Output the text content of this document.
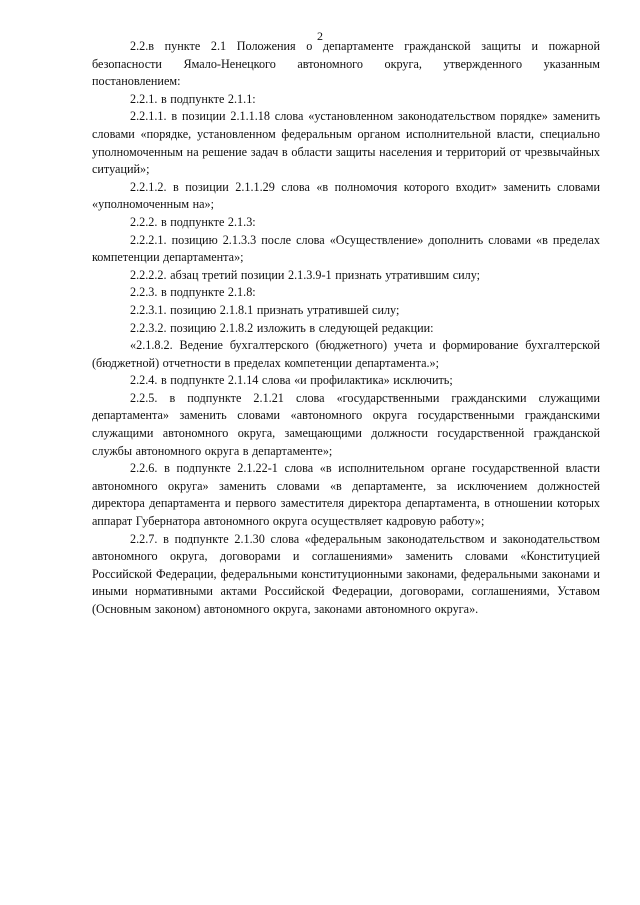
2

2.2.в пункте 2.1 Положения о департаменте гражданской защиты и пожарной безопасности Ямало-Ненецкого автономного округа, утвержденного указанным постановлением:

2.2.1. в подпункте 2.1.1:

2.2.1.1. в позиции 2.1.1.18 слова «установленном законодательством порядке» заменить словами «порядке, установленном федеральным органом исполнительной власти, специально уполномоченным на решение задач в области защиты населения и территорий от чрезвычайных ситуаций»;

2.2.1.2. в позиции 2.1.1.29 слова «в полномочия которого входит» заменить словами «уполномоченным на»;

2.2.2. в подпункте 2.1.3:

2.2.2.1. позицию 2.1.3.3 после слова «Осуществление» дополнить словами «в пределах компетенции департамента»;

2.2.2.2. абзац третий позиции 2.1.3.9-1 признать утратившим силу;

2.2.3. в подпункте 2.1.8:

2.2.3.1. позицию 2.1.8.1 признать утратившей силу;

2.2.3.2. позицию 2.1.8.2 изложить в следующей редакции:

«2.1.8.2. Ведение бухгалтерского (бюджетного) учета и формирование бухгалтерской (бюджетной) отчетности в пределах компетенции департамента.»;

2.2.4. в подпункте 2.1.14 слова «и профилактика» исключить;

2.2.5. в подпункте 2.1.21 слова «государственными гражданскими служащими департамента» заменить словами «автономного округа государственными гражданскими служащими автономного округа, замещающими должности государственной гражданской службы автономного округа в департаменте»;

2.2.6. в подпункте 2.1.22-1 слова «в исполнительном органе государственной власти автономного округа» заменить словами «в департаменте, за исключением должностей директора департамента и первого заместителя директора департамента, в отношении которых аппарат Губернатора автономного округа осуществляет кадровую работу»;

2.2.7. в подпункте 2.1.30 слова «федеральным законодательством и законодательством автономного округа, договорами и соглашениями» заменить словами «Конституцией Российской Федерации, федеральными конституционными законами, федеральными законами и иными нормативными актами Российской Федерации, договорами, соглашениями, Уставом (Основным законом) автономного округа, законами автономного округа».
